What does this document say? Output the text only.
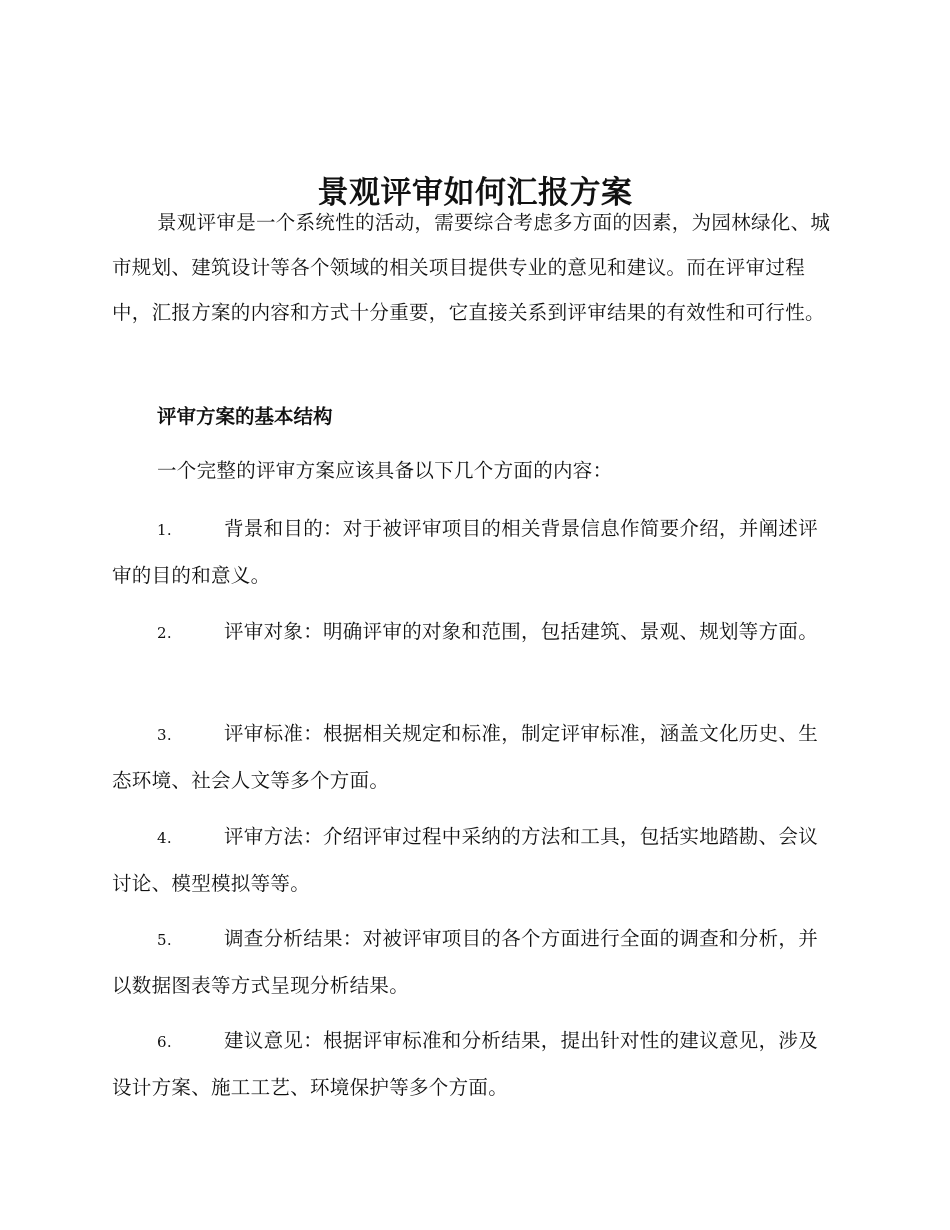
景观评审如何汇报方案

景观评审是一个系统性的活动，需要综合考虑多方面的因素，为园林绿化、城市规划、建筑设计等各个领域的相关项目提供专业的意见和建议。而在评审过程中，汇报方案的内容和方式十分重要，它直接关系到评审结果的有效性和可行性。

评审方案的基本结构

一个完整的评审方案应该具备以下几个方面的内容：

1.	背景和目的：对于被评审项目的相关背景信息作简要介绍，并阐述评审的目的和意义。

2.	评审对象：明确评审的对象和范围，包括建筑、景观、规划等方面。

3.	评审标准：根据相关规定和标准，制定评审标准，涵盖文化历史、生态环境、社会人文等多个方面。

4.	评审方法：介绍评审过程中采纳的方法和工具，包括实地踏勘、会议讨论、模型模拟等等。

5.	调查分析结果：对被评审项目的各个方面进行全面的调查和分析，并以数据图表等方式呈现分析结果。

6.	建议意见：根据评审标准和分析结果，提出针对性的建议意见，涉及设计方案、施工工艺、环境保护等多个方面。
